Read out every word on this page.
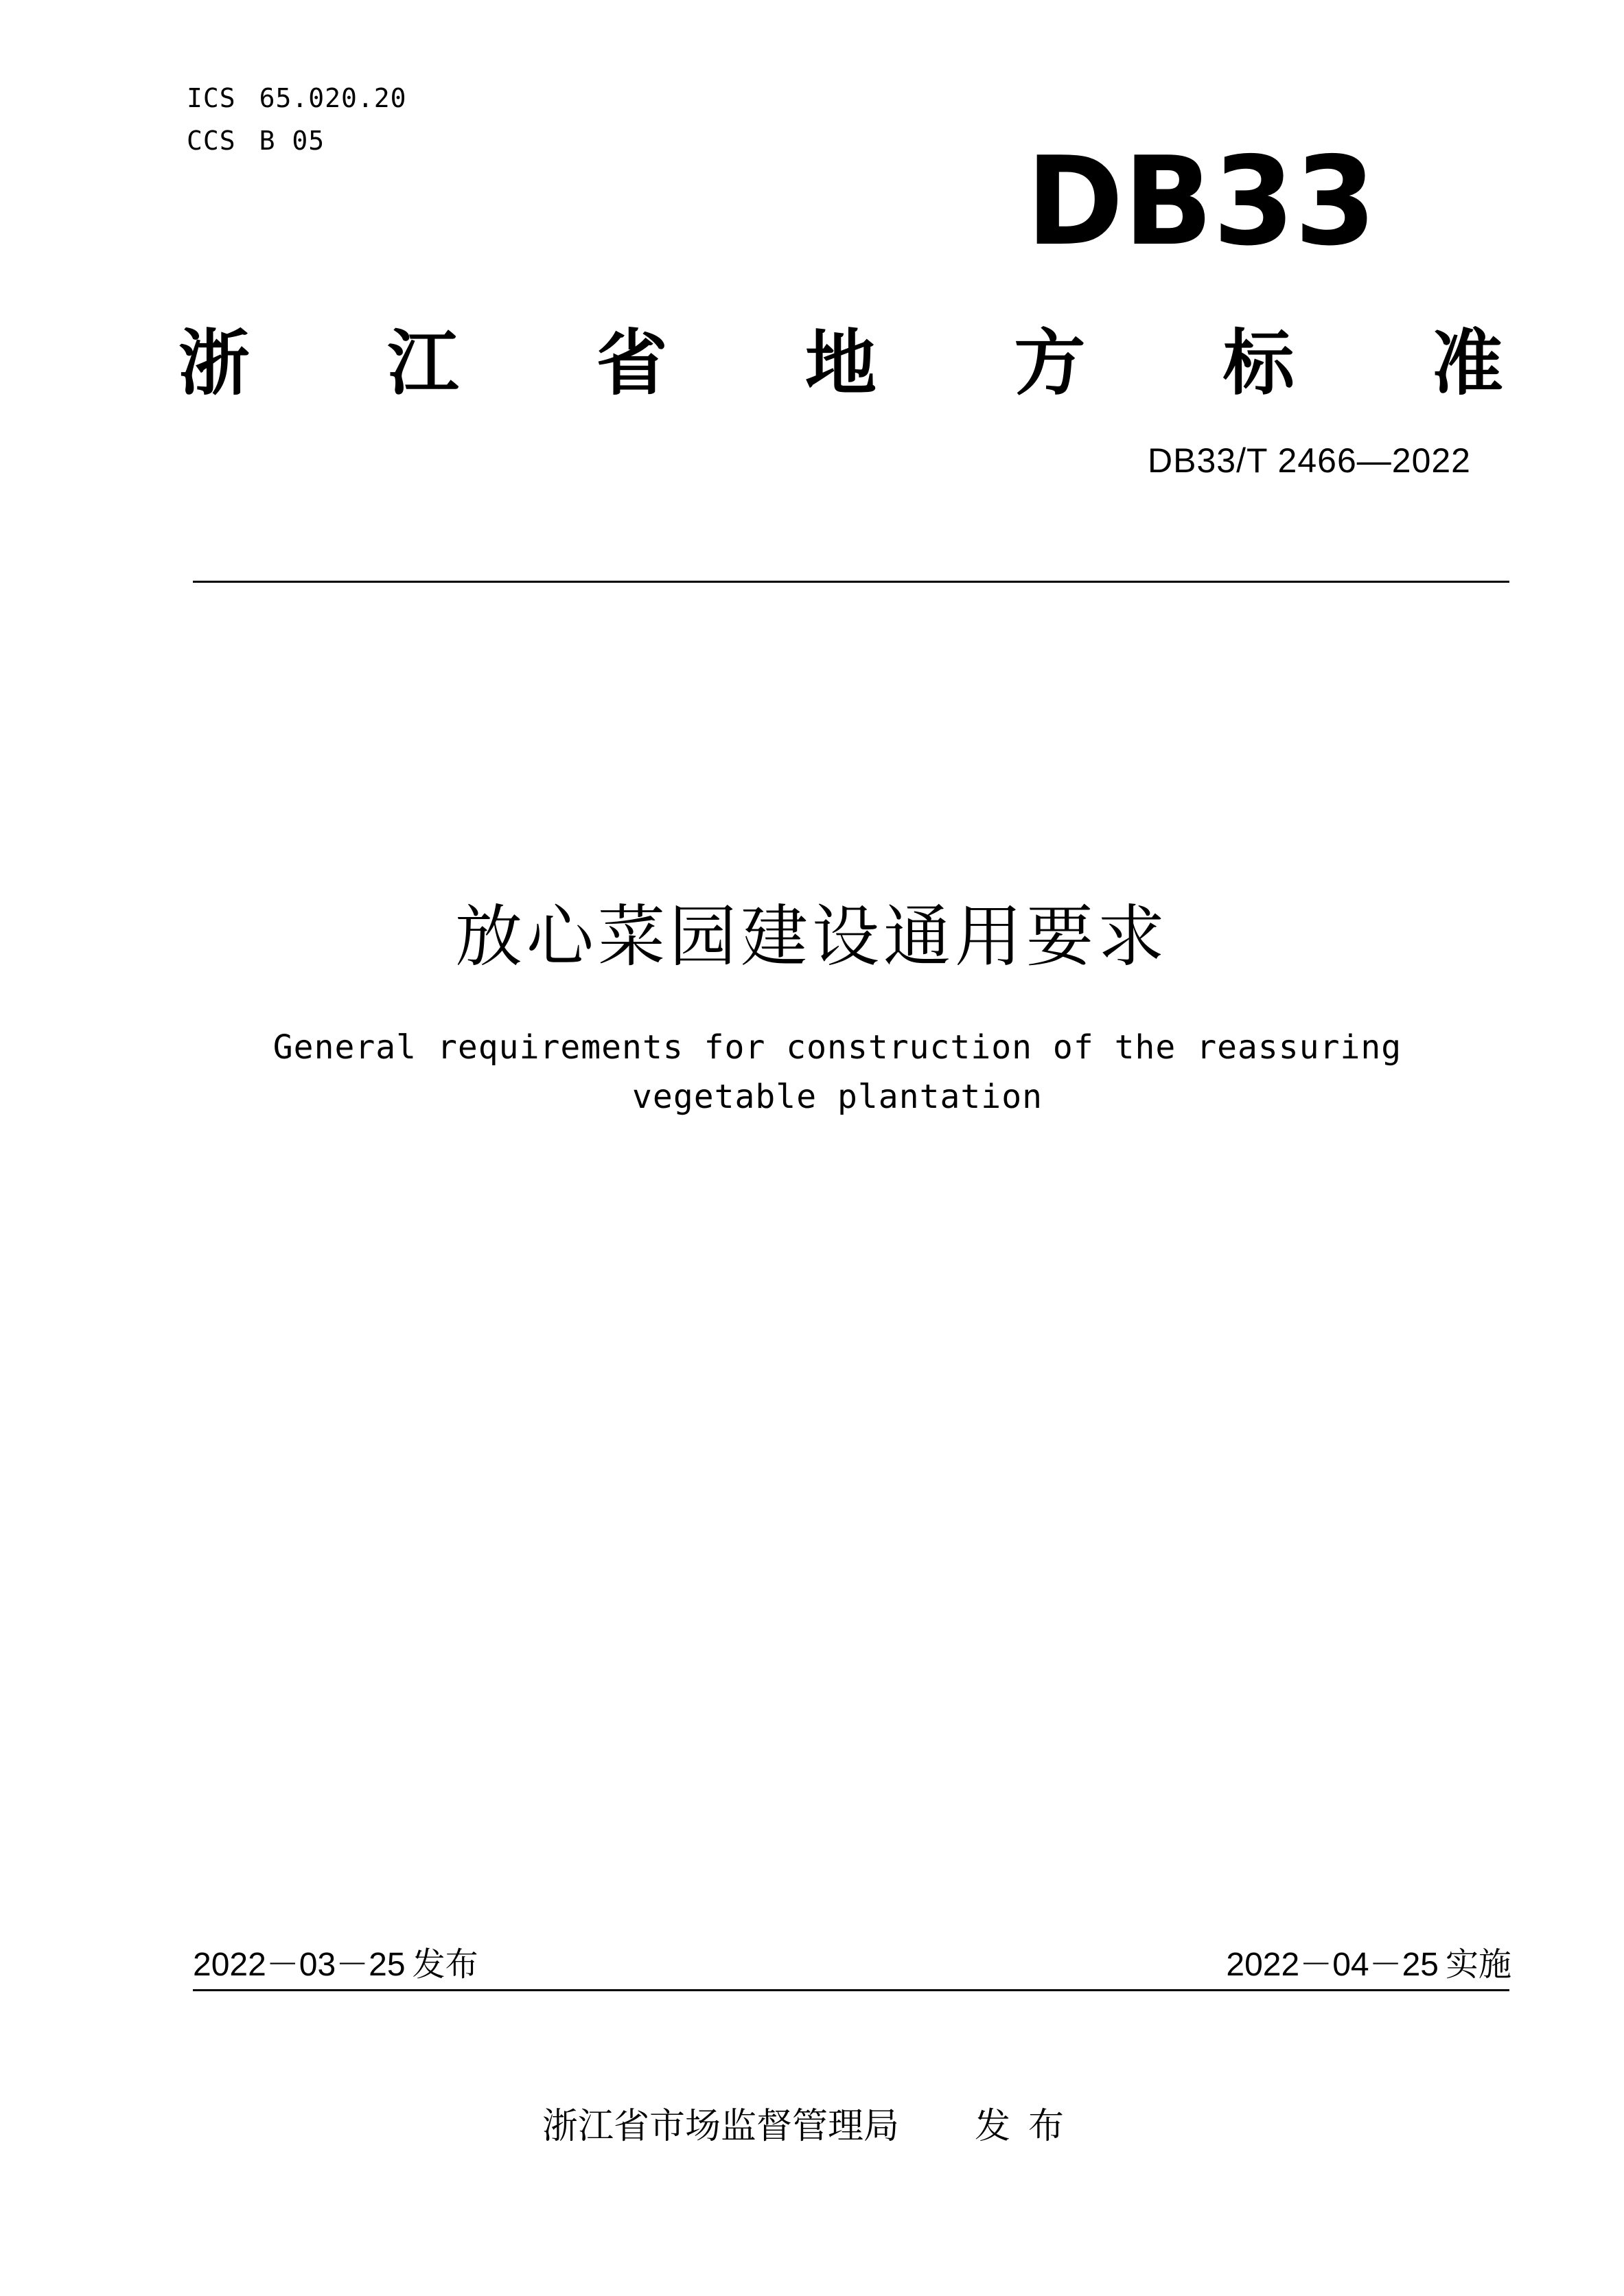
ICS 65.020.20
CCS B 05	DB33
浙 江 省 地 方 标 准
DB33/T 2466—2022
放心菜园建设通用要求
General requirements for construction of the reassuring vegetable plantation
2022－03－25 发布	2022－04－25 实施
浙江省市场监督管理局 发布
